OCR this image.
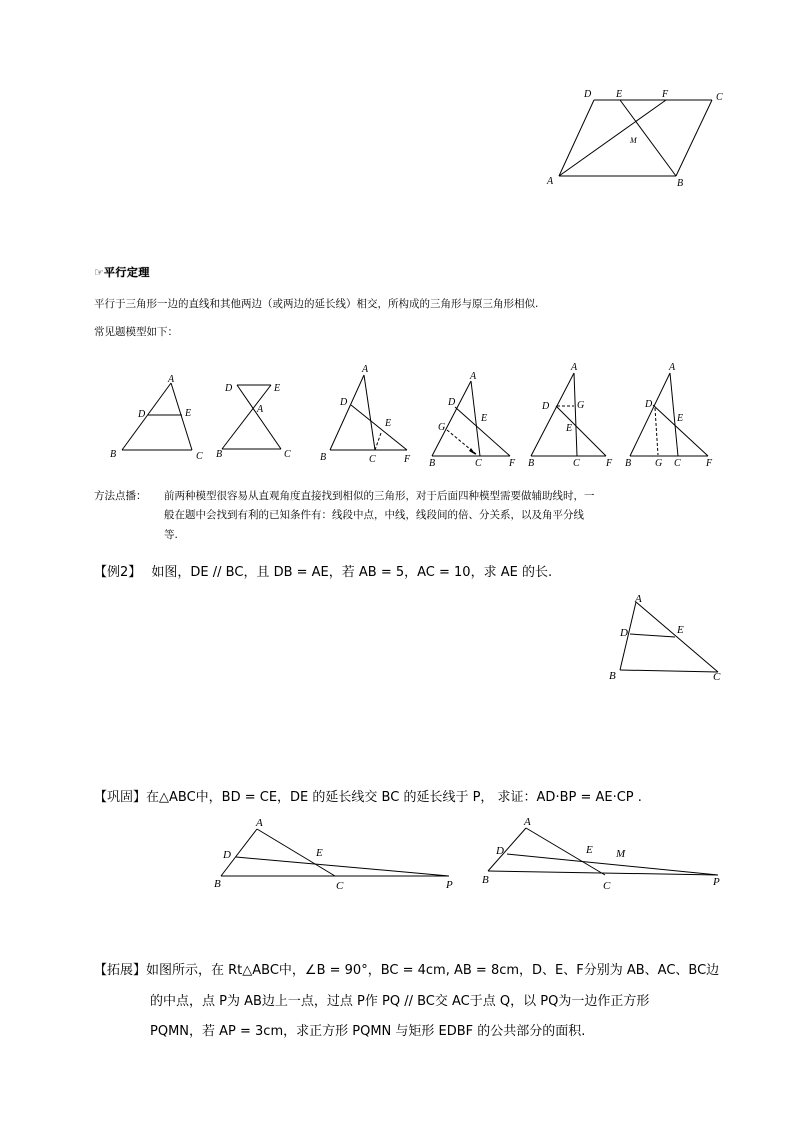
D E	F	C
M
A	B
☞平行定理
平行于三角形一边的直线和其他两边（或两边的延长线）相交，所构成的三角形与原三角形相似.
常见题模型如下：
A
D	E
B	C
D	E
A
B	C
A
D
E
B	C	F
A
D
E
G
B	C	F
A
D	G
E
B	C	F
A
D
E
B G C	F
方法点播： 前两种模型很容易从直观角度直接找到相似的三角形，对于后面四种模型需要做辅助线时，一
般在题中会找到有利的已知条件有：线段中点，中线，线段间的倍、分关系，以及角平分线
等.
【例2】 如图，DE // BC，且 DB = AE，若 AB = 5，AC = 10，求 AE 的长.
A
D	E
B	C
【巩固】在△ABC中，BD = CE，DE 的延长线交 BC 的延长线于 P， 求证：AD·BP = AE·CP .
A
D	E
B	C	P
A
D	E M
B	C	P
【拓展】如图所示，在 Rt△ABC中，∠B = 90°，BC = 4cm, AB = 8cm，D、E、F分别为 AB、AC、BC边
的中点，点 P为 AB边上一点，过点 P作 PQ // BC交 AC于点 Q，以 PQ为一边作正方形
PQMN，若 AP = 3cm，求正方形 PQMN 与矩形 EDBF 的公共部分的面积.
